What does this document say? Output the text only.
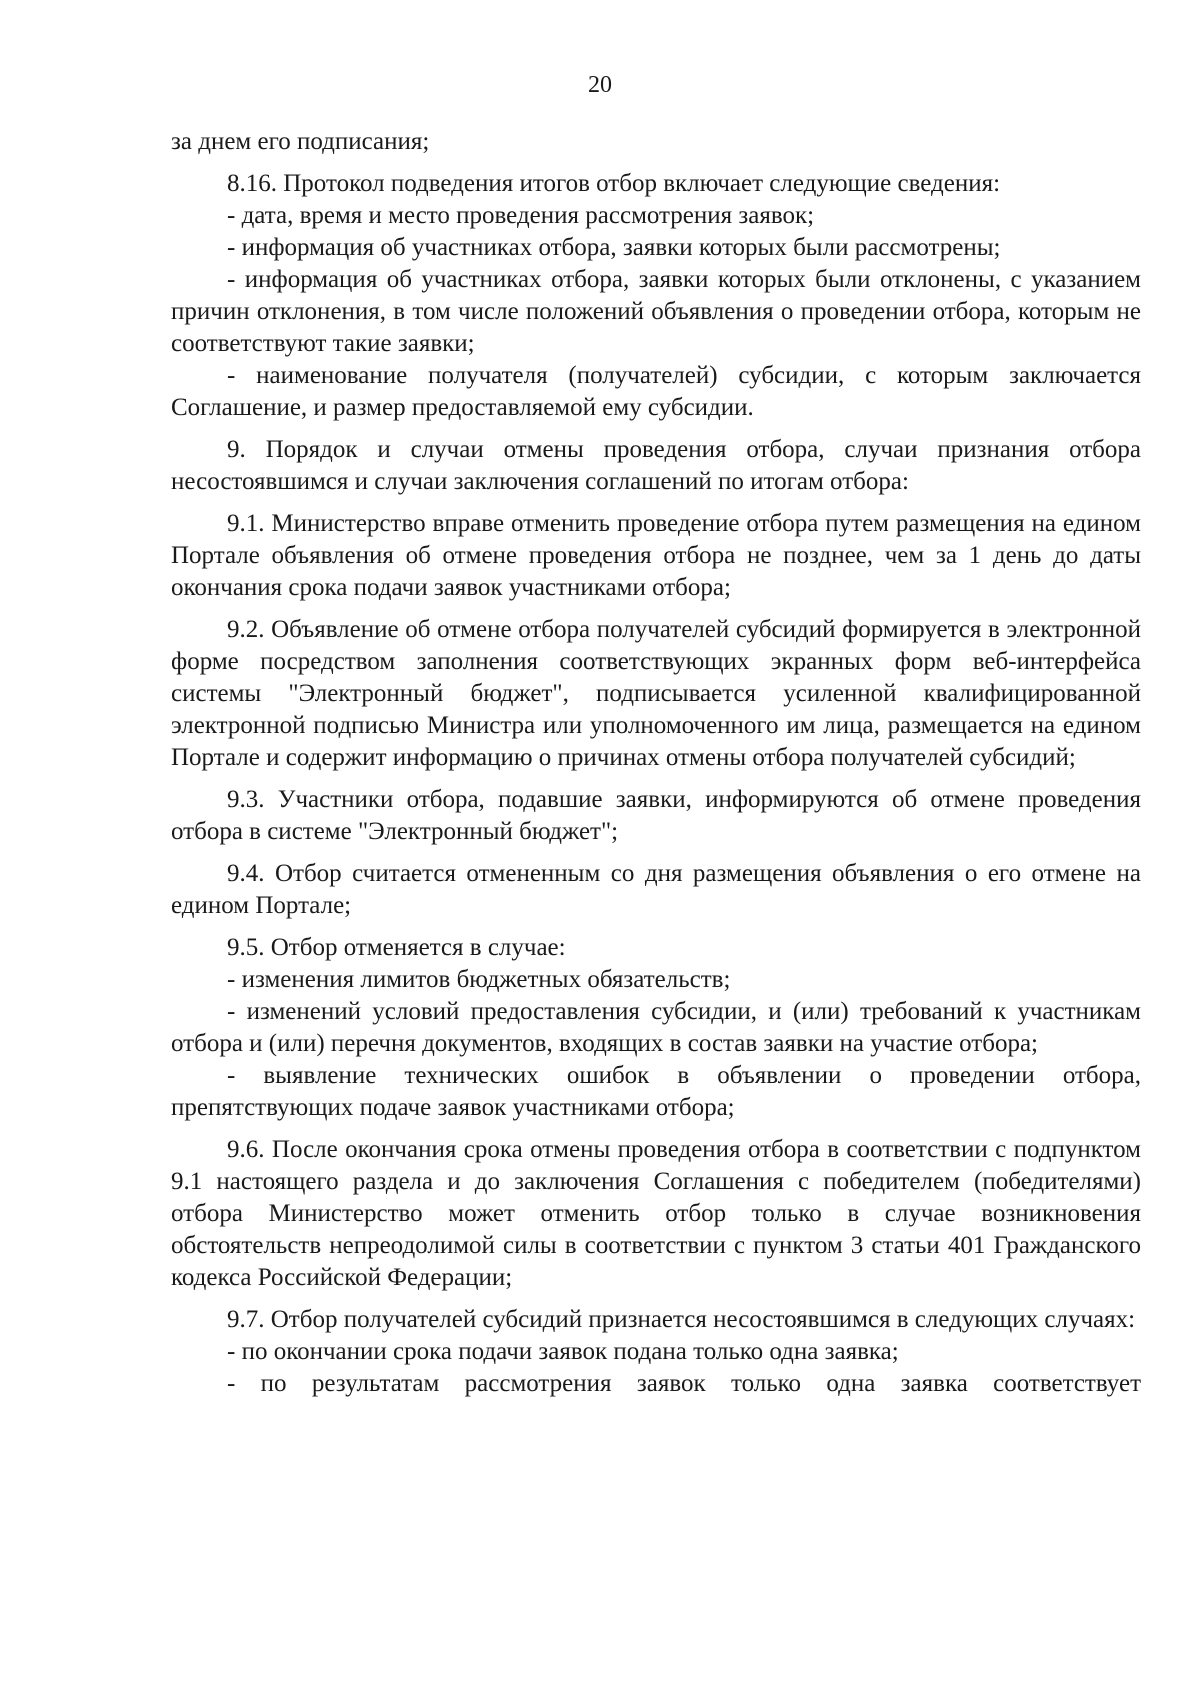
20

за днем его подписания;

8.16. Протокол подведения итогов отбор включает следующие сведения:

- дата, время и место проведения рассмотрения заявок;

- информация об участниках отбора, заявки которых были рассмотрены;

- информация об участниках отбора, заявки которых были отклонены, с указанием причин отклонения, в том числе положений объявления о проведении отбора, которым не соответствуют такие заявки;

- наименование получателя (получателей) субсидии, с которым заключается Соглашение, и размер предоставляемой ему субсидии.

9. Порядок и случаи отмены проведения отбора, случаи признания отбора несостоявшимся и случаи заключения соглашений по итогам отбора:

9.1. Министерство вправе отменить проведение отбора путем размещения на едином Портале объявления об отмене проведения отбора не позднее, чем за 1 день до даты окончания срока подачи заявок участниками отбора;

9.2. Объявление об отмене отбора получателей субсидий формируется в электронной форме посредством заполнения соответствующих экранных форм веб-интерфейса системы "Электронный бюджет", подписывается усиленной квалифицированной электронной подписью Министра или уполномоченного им лица, размещается на едином Портале и содержит информацию о причинах отмены отбора получателей субсидий;

9.3. Участники отбора, подавшие заявки, информируются об отмене проведения отбора в системе "Электронный бюджет";

9.4. Отбор считается отмененным со дня размещения объявления о его отмене на едином Портале;

9.5. Отбор отменяется в случае:

- изменения лимитов бюджетных обязательств;

- изменений условий предоставления субсидии, и (или) требований к участникам отбора и (или) перечня документов, входящих в состав заявки на участие отбора;

- выявление технических ошибок в объявлении о проведении отбора, препятствующих подаче заявок участниками отбора;

9.6. После окончания срока отмены проведения отбора в соответствии с подпунктом 9.1 настоящего раздела и до заключения Соглашения с победителем (победителями) отбора Министерство может отменить отбор только в случае возникновения обстоятельств непреодолимой силы в соответствии с пунктом 3 статьи 401 Гражданского кодекса Российской Федерации;

9.7. Отбор получателей субсидий признается несостоявшимся в следующих случаях:

- по окончании срока подачи заявок подана только одна заявка;

- по результатам рассмотрения заявок только одна заявка соответствует
